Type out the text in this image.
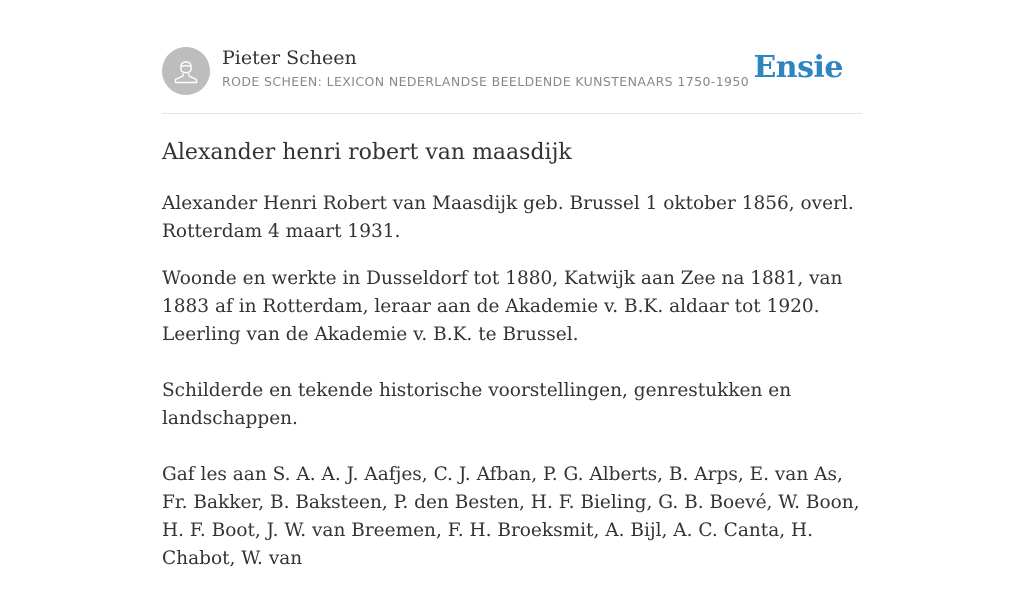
Pieter Scheen
RODE SCHEEN: LEXICON NEDERLANDSE BEELDENDE KUNSTENAARS 1750-1950 Ensie
Alexander henri robert van maasdijk

Alexander Henri Robert van Maasdijk geb. Brussel 1 oktober 1856, overl. Rotterdam 4 maart 1931.

Woonde en werkte in Dusseldorf tot 1880, Katwijk aan Zee na 1881, van 1883 af in Rotterdam, leraar aan de Akademie v. B.K. aldaar tot 1920. Leerling van de Akademie v. B.K. te Brussel.

Schilderde en tekende historische voorstellingen, genrestukken en landschappen.

Gaf les aan S. A. A. J. Aafjes, C. J. Afban, P. G. Alberts, B. Arps, E. van As, Fr. Bakker, B. Baksteen, P. den Besten, H. F. Bieling, G. B. Boevé, W. Boon, H. F. Boot, J. W. van Breemen, F. H. Broeksmit, A. Bijl, A. C. Canta, H. Chabot, W. van
